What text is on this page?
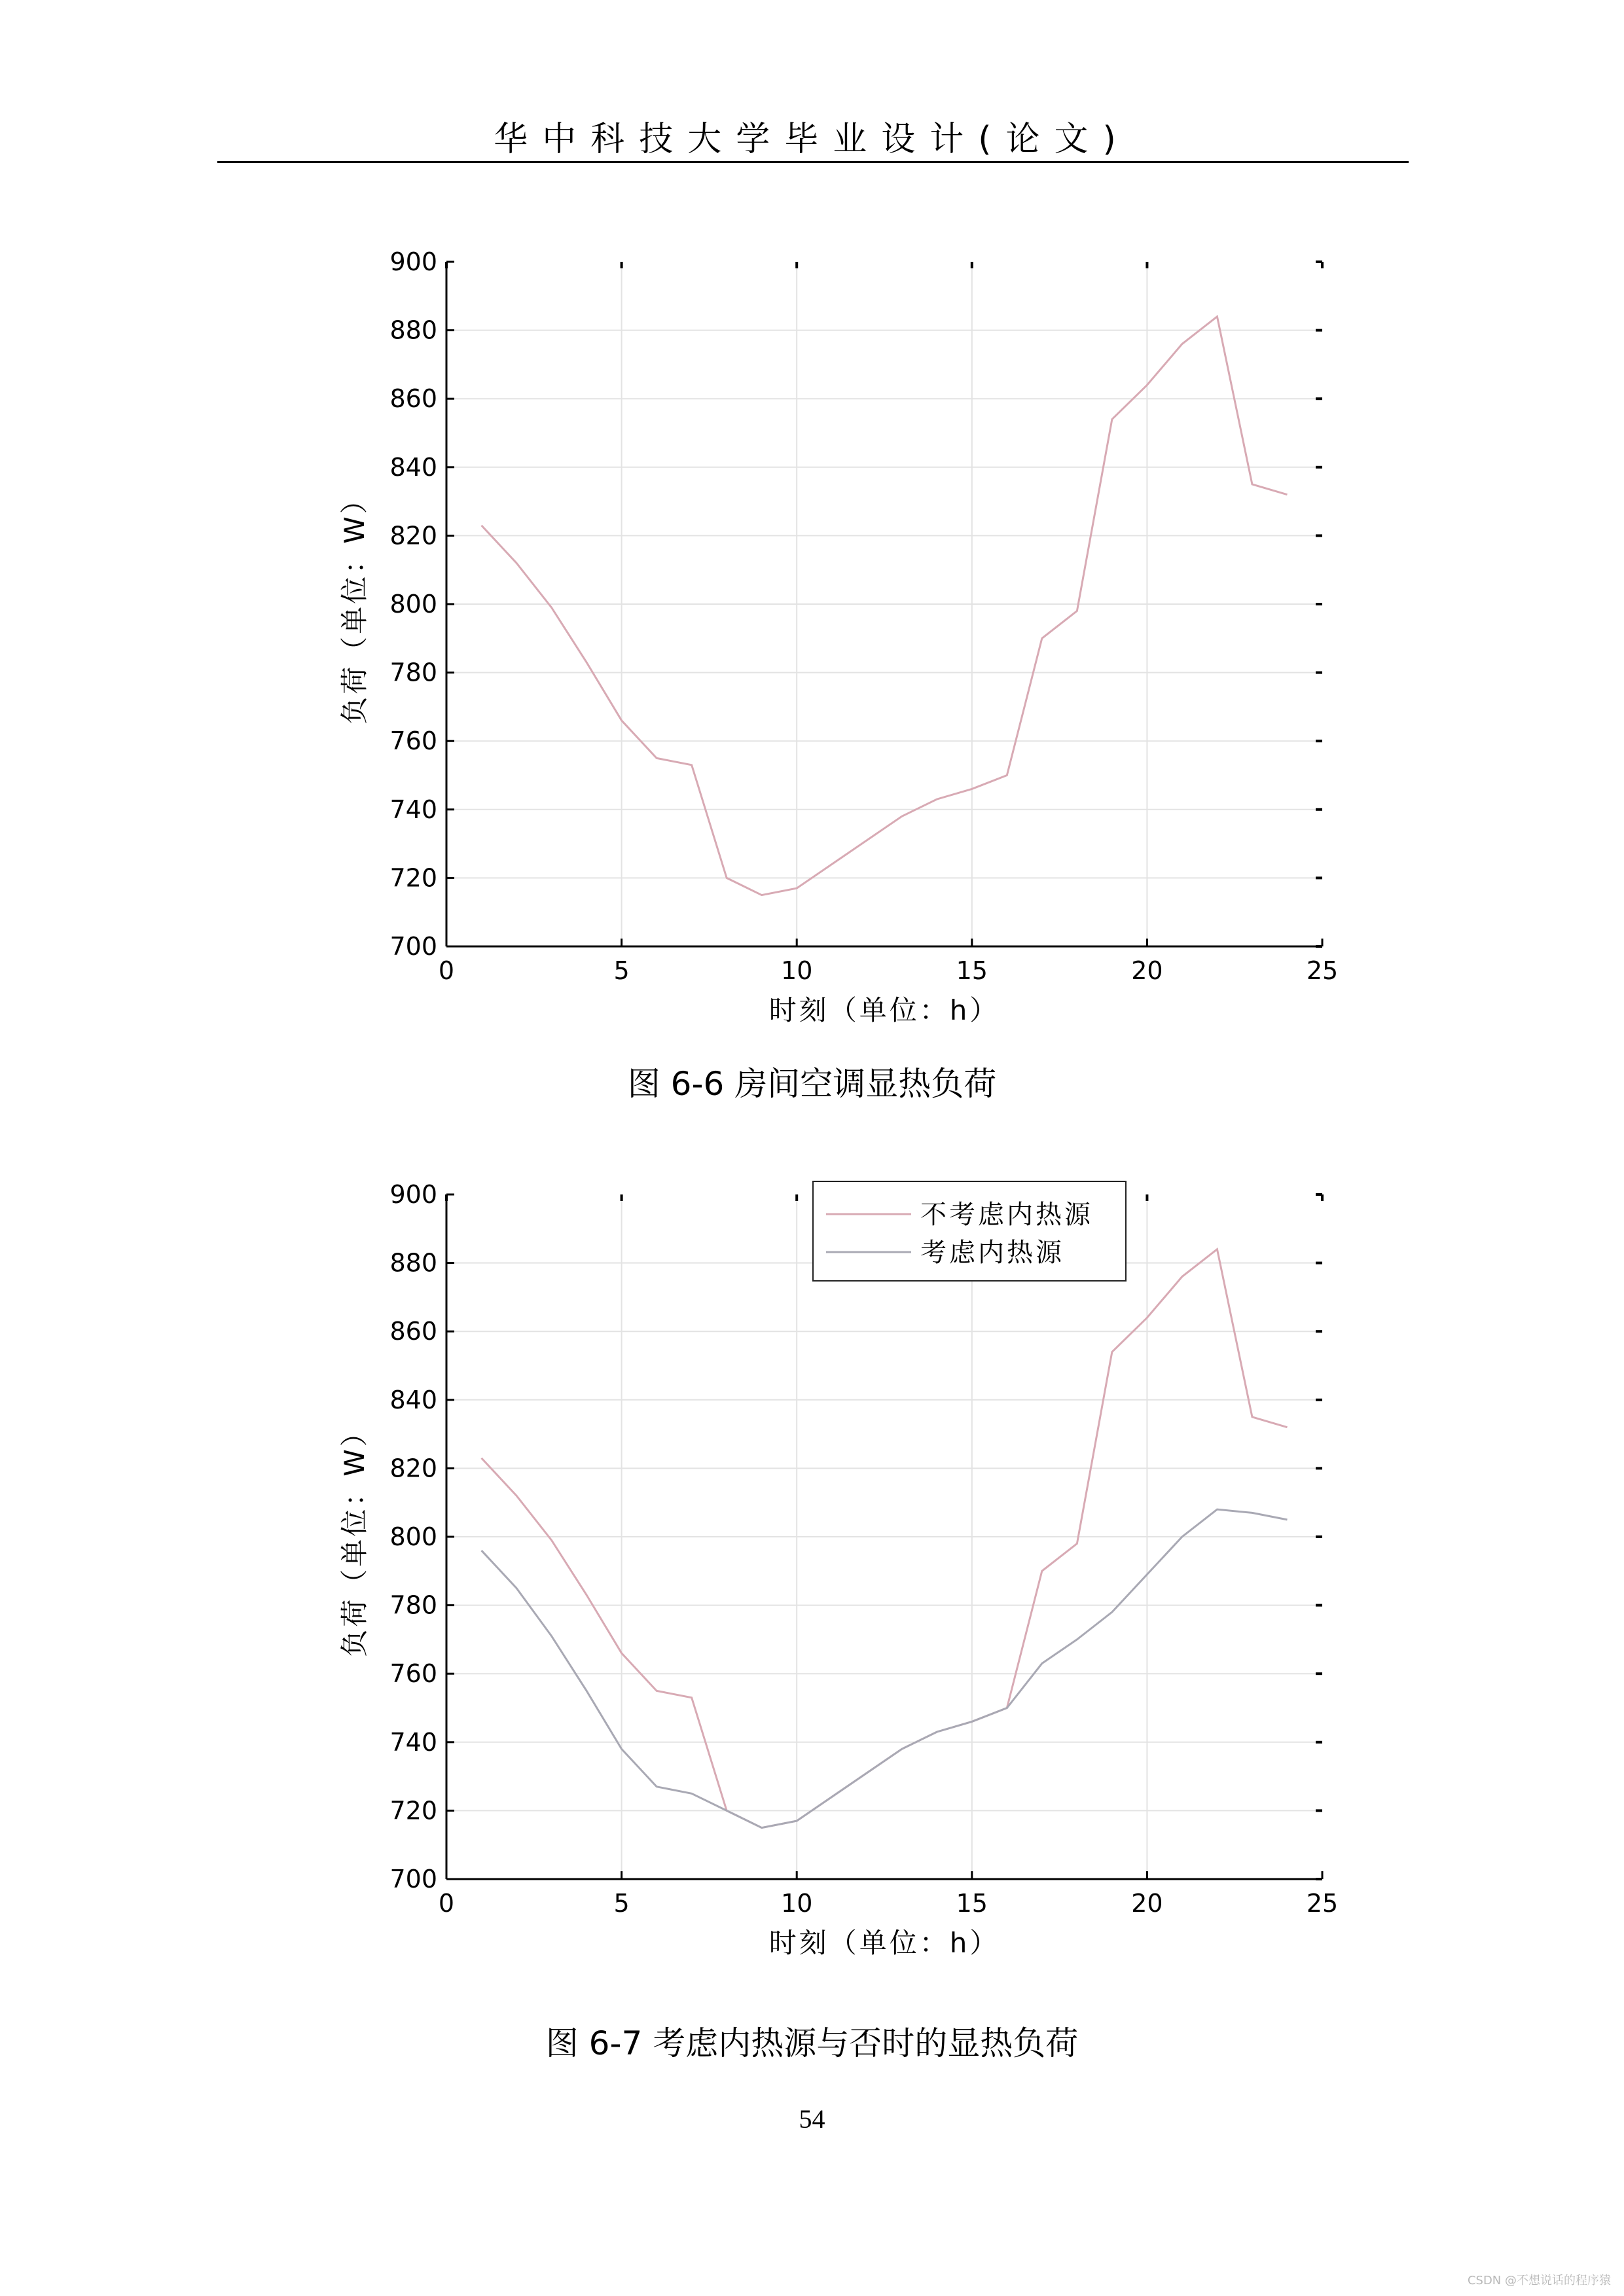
华中科技大学毕业设计(论文)
0	5	10	15	20	25
700
720
740
760
780
800
820
840
860
880
900
时刻（单位：h）
负荷（单位：W）
图 6-6 房间空调显热负荷
0	5	10	15	20	25
700
720
740
760
780
800
820
840
860
880
900
时刻（单位：h）
负荷（单位：W）
不考虑内热源
考虑内热源
图 6-7 考虑内热源与否时的显热负荷
54
CSDN @不想说话的程序猿
